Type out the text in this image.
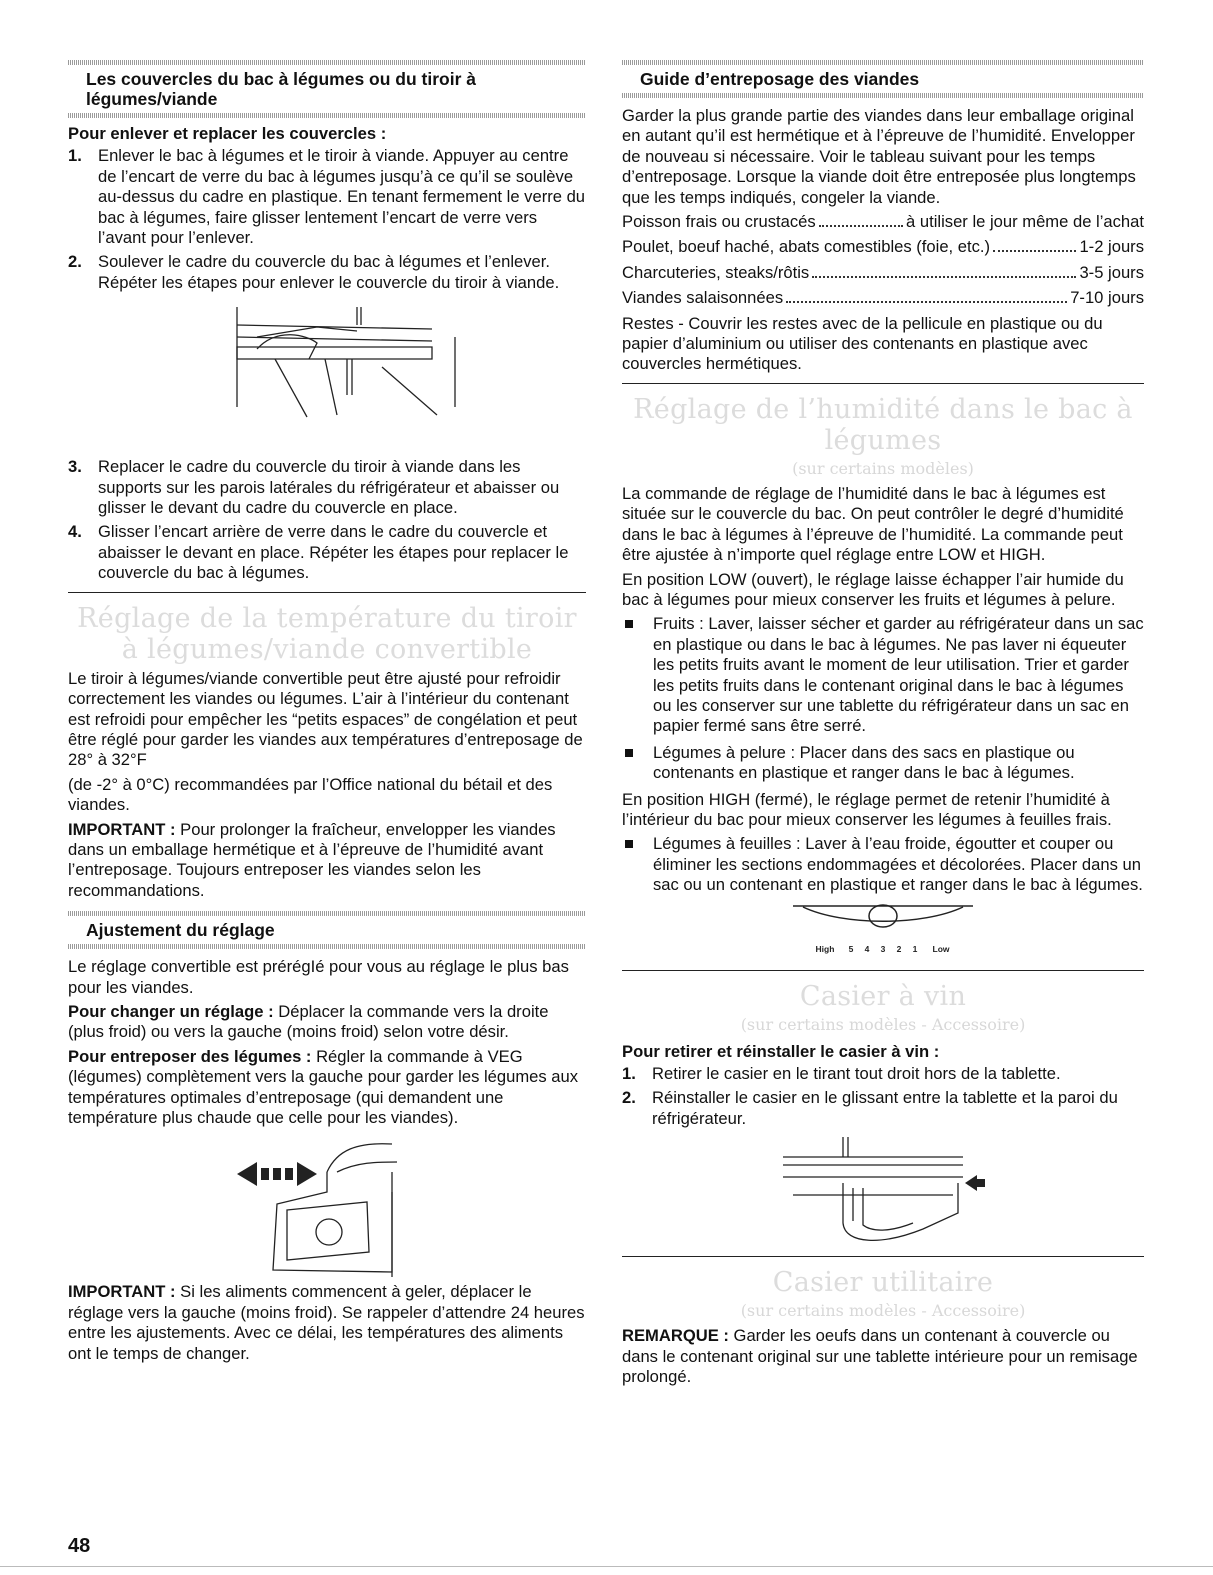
Les couvercles du bac à légumes ou du tiroir à légumes/viande
Pour enlever et replacer les couvercles :
1. Enlever le bac à légumes et le tiroir à viande. Appuyer au centre de l’encart de verre du bac à légumes jusqu’à ce qu’il se soulève au-dessus du cadre en plastique. En tenant fermement le verre du bac à légumes, faire glisser lentement l’encart de verre vers l’avant pour l’enlever.
2. Soulever le cadre du couvercle du bac à légumes et l’enlever. Répéter les étapes pour enlever le couvercle du tiroir à viande.
3. Replacer le cadre du couvercle du tiroir à viande dans les supports sur les parois latérales du réfrigérateur et abaisser ou glisser le devant du cadre du couvercle en place.
4. Glisser l’encart arrière de verre dans le cadre du couvercle et abaisser le devant en place. Répéter les étapes pour replacer le couvercle du bac à légumes.
Réglage de la température du tiroir à légumes/viande convertible

Le tiroir à légumes/viande convertible peut être ajusté pour refroidir correctement les viandes ou légumes. L’air à l’intérieur du contenant est refroidi pour empêcher les “petits espaces” de congélation et peut être réglé pour garder les viandes aux températures d’entreposage de 28° à 32°F

(de -2° à 0°C) recommandées par l’Office national du bétail et des viandes.

IMPORTANT : Pour prolonger la fraîcheur, envelopper les viandes dans un emballage hermétique et à l’épreuve de l’humidité avant l’entreposage. Toujours entreposer les viandes selon les recommandations.

Ajustement du réglage

Le réglage convertible est prérégIé pour vous au réglage le plus bas pour les viandes.

Pour changer un réglage : Déplacer la commande vers la droite (plus froid) ou vers la gauche (moins froid) selon votre désir.

Pour entreposer des légumes : Régler la commande à VEG (légumes) complètement vers la gauche pour garder les légumes aux températures optimales d’entreposage (qui demandent une température plus chaude que celle pour les viandes).

IMPORTANT : Si les aliments commencent à geler, déplacer le réglage vers la gauche (moins froid). Se rappeler d’attendre 24 heures entre les ajustements. Avec ce délai, les températures des aliments ont le temps de changer.

Guide d’entreposage des viandes

Garder la plus grande partie des viandes dans leur emballage original en autant qu’il est hermétique et à l’épreuve de l’humidité. Envelopper de nouveau si nécessaire. Voir le tableau suivant pour les temps d’entreposage. Lorsque la viande doit être entreposée plus longtemps que les temps indiqués, congeler la viande.

Poisson frais ou crustacés	à utiliser le jour même de l’achat
Poulet, boeuf haché, abats comestibles (foie, etc.)	1-2 jours
Charcuteries, steaks/rôtis	3-5 jours
Viandes salaisonnées	7-10 jours

Restes - Couvrir les restes avec de la pellicule en plastique ou du papier d’aluminium ou utiliser des contenants en plastique avec couvercles hermétiques.

Réglage de l’humidité dans le bac à légumes
(sur certains modèles)

La commande de réglage de l’humidité dans le bac à légumes est située sur le couvercle du bac. On peut contrôler le degré d’humidité dans le bac à légumes à l’épreuve de l’humidité. La commande peut être ajustée à n’importe quel réglage entre LOW et HIGH.

En position LOW (ouvert), le réglage laisse échapper l’air humide du bac à légumes pour mieux conserver les fruits et légumes à pelure.

Fruits : Laver, laisser sécher et garder au réfrigérateur dans un sac en plastique ou dans le bac à légumes. Ne pas laver ni équeuter les petits fruits avant le moment de leur utilisation. Trier et garder les petits fruits dans le contenant original dans le bac à légumes ou les conserver sur une tablette du réfrigérateur dans un sac en papier fermé sans être serré.
Légumes à pelure : Placer dans des sacs en plastique ou contenants en plastique et ranger dans le bac à légumes.

En position HIGH (fermé), le réglage permet de retenir l’humidité à l’intérieur du bac pour mieux conserver les légumes à feuilles frais.

Légumes à feuilles : Laver à l’eau froide, égoutter et couper ou éliminer les sections endommagées et décolorées. Placer dans un sac ou un contenant en plastique et ranger dans le bac à légumes.
High 5 4 3 2 1 Low
Casier à vin
(sur certains modèles - Accessoire)
Pour retirer et réinstaller le casier à vin :
1. Retirer le casier en le tirant tout droit hors de la tablette.
2. Réinstaller le casier en le glissant entre la tablette et la paroi du réfrigérateur.
Casier utilitaire
(sur certains modèles - Accessoire)

REMARQUE : Garder les oeufs dans un contenant à couvercle ou dans le contenant original sur une tablette intérieure pour un remisage prolongé.

48
